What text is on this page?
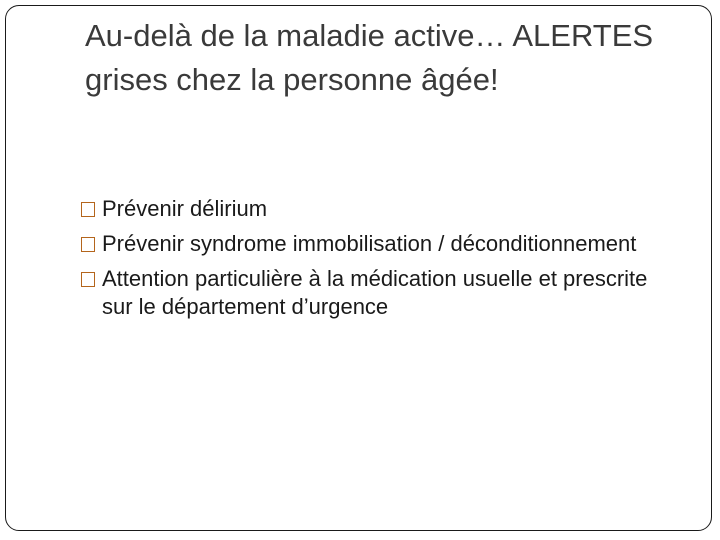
Au-delà de la maladie active… ALERTES grises chez la personne âgée!
Prévenir délirium
Prévenir syndrome immobilisation / déconditionnement
Attention particulière à la médication usuelle et prescrite sur le département d’urgence
